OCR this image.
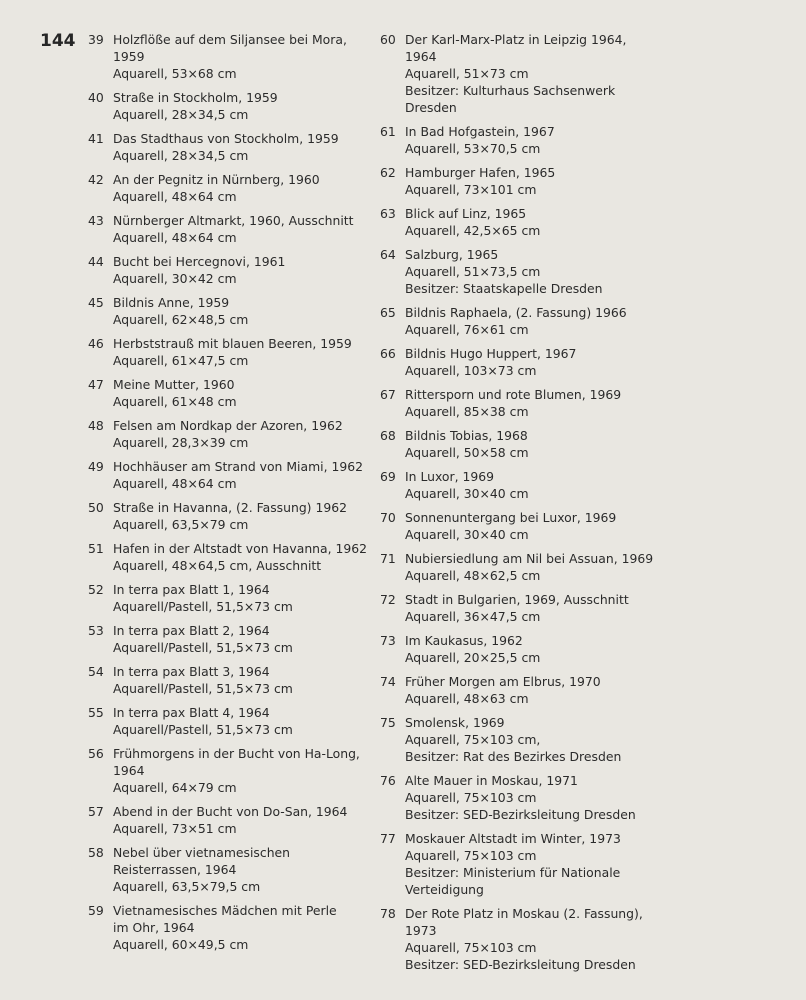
144 39 Holzflöße auf dem Siljansee bei Mora,
1959
Aquarell, 53×68 cm
40 Straße in Stockholm, 1959
Aquarell, 28×34,5 cm
41 Das Stadthaus von Stockholm, 1959
Aquarell, 28×34,5 cm
42 An der Pegnitz in Nürnberg, 1960
Aquarell, 48×64 cm
43 Nürnberger Altmarkt, 1960, Ausschnitt
Aquarell, 48×64 cm
44 Bucht bei Hercegnovi, 1961
Aquarell, 30×42 cm
45 Bildnis Anne, 1959
Aquarell, 62×48,5 cm
46 Herbststrauß mit blauen Beeren, 1959
Aquarell, 61×47,5 cm
47 Meine Mutter, 1960
Aquarell, 61×48 cm
48 Felsen am Nordkap der Azoren, 1962
Aquarell, 28,3×39 cm
49 Hochhäuser am Strand von Miami, 1962
Aquarell, 48×64 cm
50 Straße in Havanna, (2. Fassung) 1962
Aquarell, 63,5×79 cm
51 Hafen in der Altstadt von Havanna, 1962
Aquarell, 48×64,5 cm, Ausschnitt
52 In terra pax Blatt 1, 1964
Aquarell/Pastell, 51,5×73 cm
53 In terra pax Blatt 2, 1964
Aquarell/Pastell, 51,5×73 cm
54 In terra pax Blatt 3, 1964
Aquarell/Pastell, 51,5×73 cm
55 In terra pax Blatt 4, 1964
Aquarell/Pastell, 51,5×73 cm
56 Frühmorgens in der Bucht von Ha-Long,
1964
Aquarell, 64×79 cm
57 Abend in der Bucht von Do-San, 1964
Aquarell, 73×51 cm
58 Nebel über vietnamesischen
Reisterrassen, 1964
Aquarell, 63,5×79,5 cm
59 Vietnamesisches Mädchen mit Perle
im Ohr, 1964
Aquarell, 60×49,5 cm
60 Der Karl-Marx-Platz in Leipzig 1964,
1964
Aquarell, 51×73 cm
Besitzer: Kulturhaus Sachsenwerk
Dresden
61 In Bad Hofgastein, 1967
Aquarell, 53×70,5 cm
62 Hamburger Hafen, 1965
Aquarell, 73×101 cm
63 Blick auf Linz, 1965
Aquarell, 42,5×65 cm
64 Salzburg, 1965
Aquarell, 51×73,5 cm
Besitzer: Staatskapelle Dresden
65 Bildnis Raphaela, (2. Fassung) 1966
Aquarell, 76×61 cm
66 Bildnis Hugo Huppert, 1967
Aquarell, 103×73 cm
67 Rittersporn und rote Blumen, 1969
Aquarell, 85×38 cm
68 Bildnis Tobias, 1968
Aquarell, 50×58 cm
69 In Luxor, 1969
Aquarell, 30×40 cm
70 Sonnenuntergang bei Luxor, 1969
Aquarell, 30×40 cm
71 Nubiersiedlung am Nil bei Assuan, 1969
Aquarell, 48×62,5 cm
72 Stadt in Bulgarien, 1969, Ausschnitt
Aquarell, 36×47,5 cm
73 Im Kaukasus, 1962
Aquarell, 20×25,5 cm
74 Früher Morgen am Elbrus, 1970
Aquarell, 48×63 cm
75 Smolensk, 1969
Aquarell, 75×103 cm,
Besitzer: Rat des Bezirkes Dresden
76 Alte Mauer in Moskau, 1971
Aquarell, 75×103 cm
Besitzer: SED-Bezirksleitung Dresden
77 Moskauer Altstadt im Winter, 1973
Aquarell, 75×103 cm
Besitzer: Ministerium für Nationale
Verteidigung
78 Der Rote Platz in Moskau (2. Fassung),
1973
Aquarell, 75×103 cm
Besitzer: SED-Bezirksleitung Dresden
